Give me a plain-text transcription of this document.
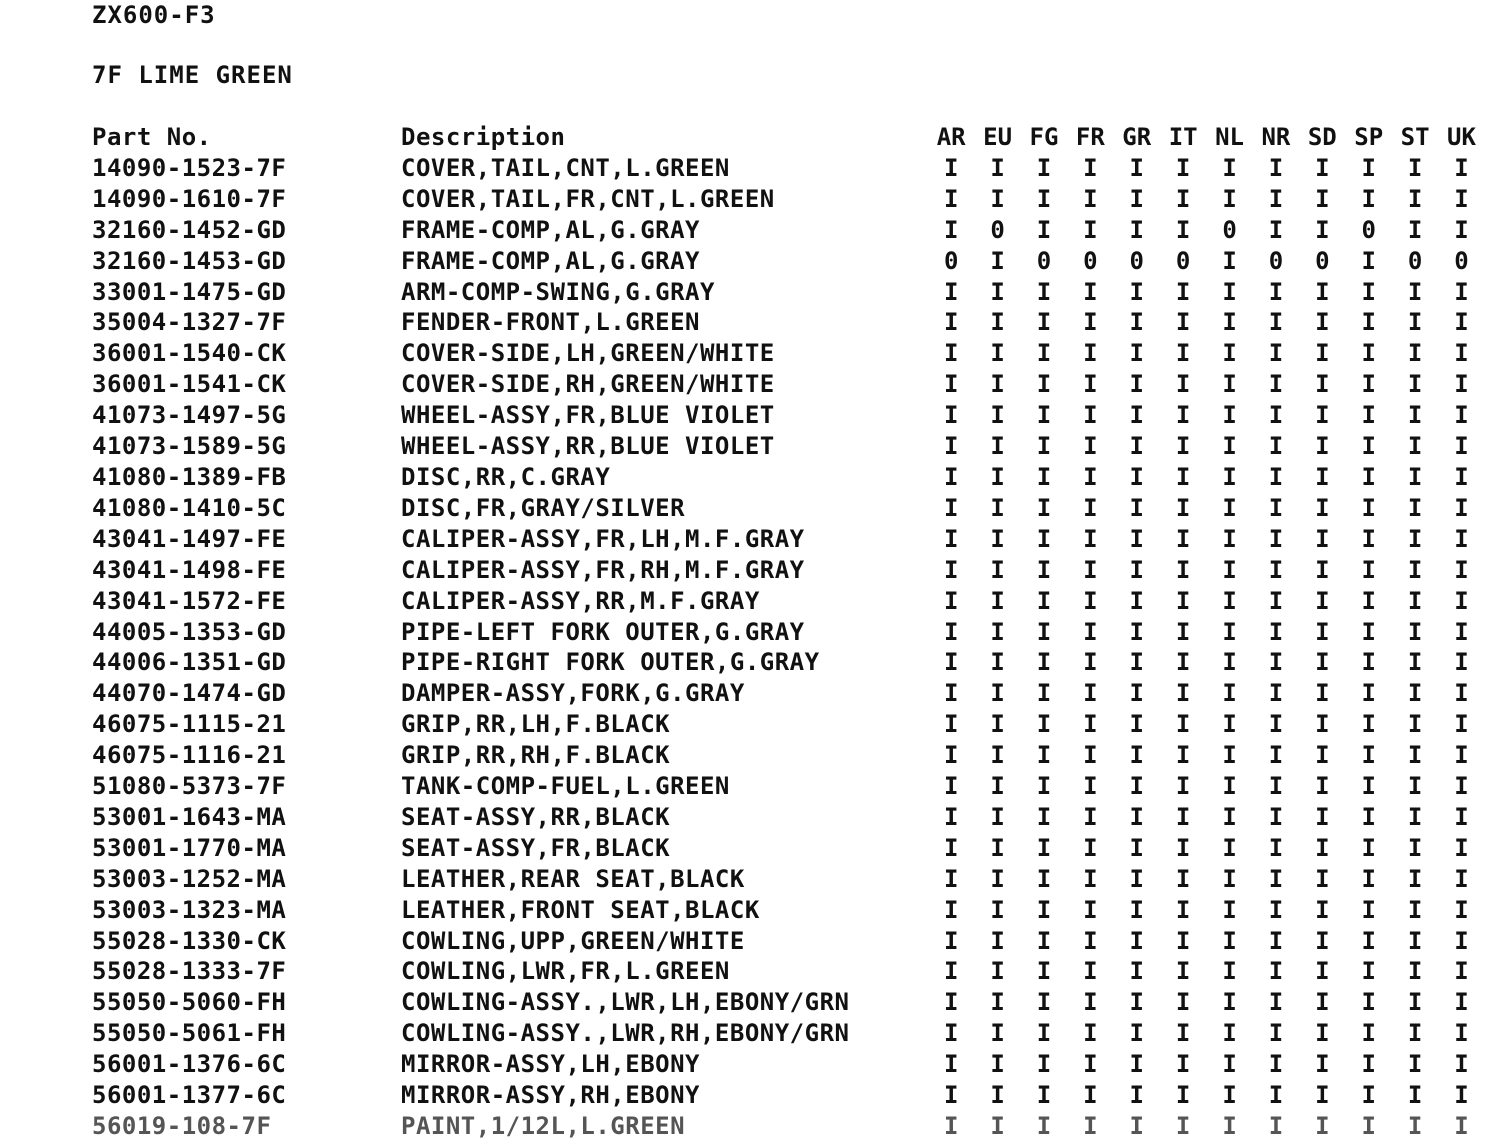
ZX600-F3
7F LIME GREEN
Part No.	Description	AR	EU	FG	FR	GR	IT	NL	NR	SD	SP	ST	UK
14090-1523-7F	COVER,TAIL,CNT,L.GREEN	I	I	I	I	I	I	I	I	I	I	I	I
14090-1610-7F	COVER,TAIL,FR,CNT,L.GREEN	I	I	I	I	I	I	I	I	I	I	I	I
32160-1452-GD	FRAME-COMP,AL,G.GRAY	I	0	I	I	I	I	0	I	I	0	I	I
32160-1453-GD	FRAME-COMP,AL,G.GRAY	0	I	0	0	0	0	I	0	0	I	0	0
33001-1475-GD	ARM-COMP-SWING,G.GRAY	I	I	I	I	I	I	I	I	I	I	I	I
35004-1327-7F	FENDER-FRONT,L.GREEN	I	I	I	I	I	I	I	I	I	I	I	I
36001-1540-CK	COVER-SIDE,LH,GREEN/WHITE	I	I	I	I	I	I	I	I	I	I	I	I
36001-1541-CK	COVER-SIDE,RH,GREEN/WHITE	I	I	I	I	I	I	I	I	I	I	I	I
41073-1497-5G	WHEEL-ASSY,FR,BLUE VIOLET	I	I	I	I	I	I	I	I	I	I	I	I
41073-1589-5G	WHEEL-ASSY,RR,BLUE VIOLET	I	I	I	I	I	I	I	I	I	I	I	I
41080-1389-FB	DISC,RR,C.GRAY	I	I	I	I	I	I	I	I	I	I	I	I
41080-1410-5C	DISC,FR,GRAY/SILVER	I	I	I	I	I	I	I	I	I	I	I	I
43041-1497-FE	CALIPER-ASSY,FR,LH,M.F.GRAY	I	I	I	I	I	I	I	I	I	I	I	I
43041-1498-FE	CALIPER-ASSY,FR,RH,M.F.GRAY	I	I	I	I	I	I	I	I	I	I	I	I
43041-1572-FE	CALIPER-ASSY,RR,M.F.GRAY	I	I	I	I	I	I	I	I	I	I	I	I
44005-1353-GD	PIPE-LEFT FORK OUTER,G.GRAY	I	I	I	I	I	I	I	I	I	I	I	I
44006-1351-GD	PIPE-RIGHT FORK OUTER,G.GRAY	I	I	I	I	I	I	I	I	I	I	I	I
44070-1474-GD	DAMPER-ASSY,FORK,G.GRAY	I	I	I	I	I	I	I	I	I	I	I	I
46075-1115-21	GRIP,RR,LH,F.BLACK	I	I	I	I	I	I	I	I	I	I	I	I
46075-1116-21	GRIP,RR,RH,F.BLACK	I	I	I	I	I	I	I	I	I	I	I	I
51080-5373-7F	TANK-COMP-FUEL,L.GREEN	I	I	I	I	I	I	I	I	I	I	I	I
53001-1643-MA	SEAT-ASSY,RR,BLACK	I	I	I	I	I	I	I	I	I	I	I	I
53001-1770-MA	SEAT-ASSY,FR,BLACK	I	I	I	I	I	I	I	I	I	I	I	I
53003-1252-MA	LEATHER,REAR SEAT,BLACK	I	I	I	I	I	I	I	I	I	I	I	I
53003-1323-MA	LEATHER,FRONT SEAT,BLACK	I	I	I	I	I	I	I	I	I	I	I	I
55028-1330-CK	COWLING,UPP,GREEN/WHITE	I	I	I	I	I	I	I	I	I	I	I	I
55028-1333-7F	COWLING,LWR,FR,L.GREEN	I	I	I	I	I	I	I	I	I	I	I	I
55050-5060-FH	COWLING-ASSY.,LWR,LH,EBONY/GRN	I	I	I	I	I	I	I	I	I	I	I	I
55050-5061-FH	COWLING-ASSY.,LWR,RH,EBONY/GRN	I	I	I	I	I	I	I	I	I	I	I	I
56001-1376-6C	MIRROR-ASSY,LH,EBONY	I	I	I	I	I	I	I	I	I	I	I	I
56001-1377-6C	MIRROR-ASSY,RH,EBONY	I	I	I	I	I	I	I	I	I	I	I	I
56019-108-7F	PAINT,1/12L,L.GREEN	I	I	I	I	I	I	I	I	I	I	I	I
